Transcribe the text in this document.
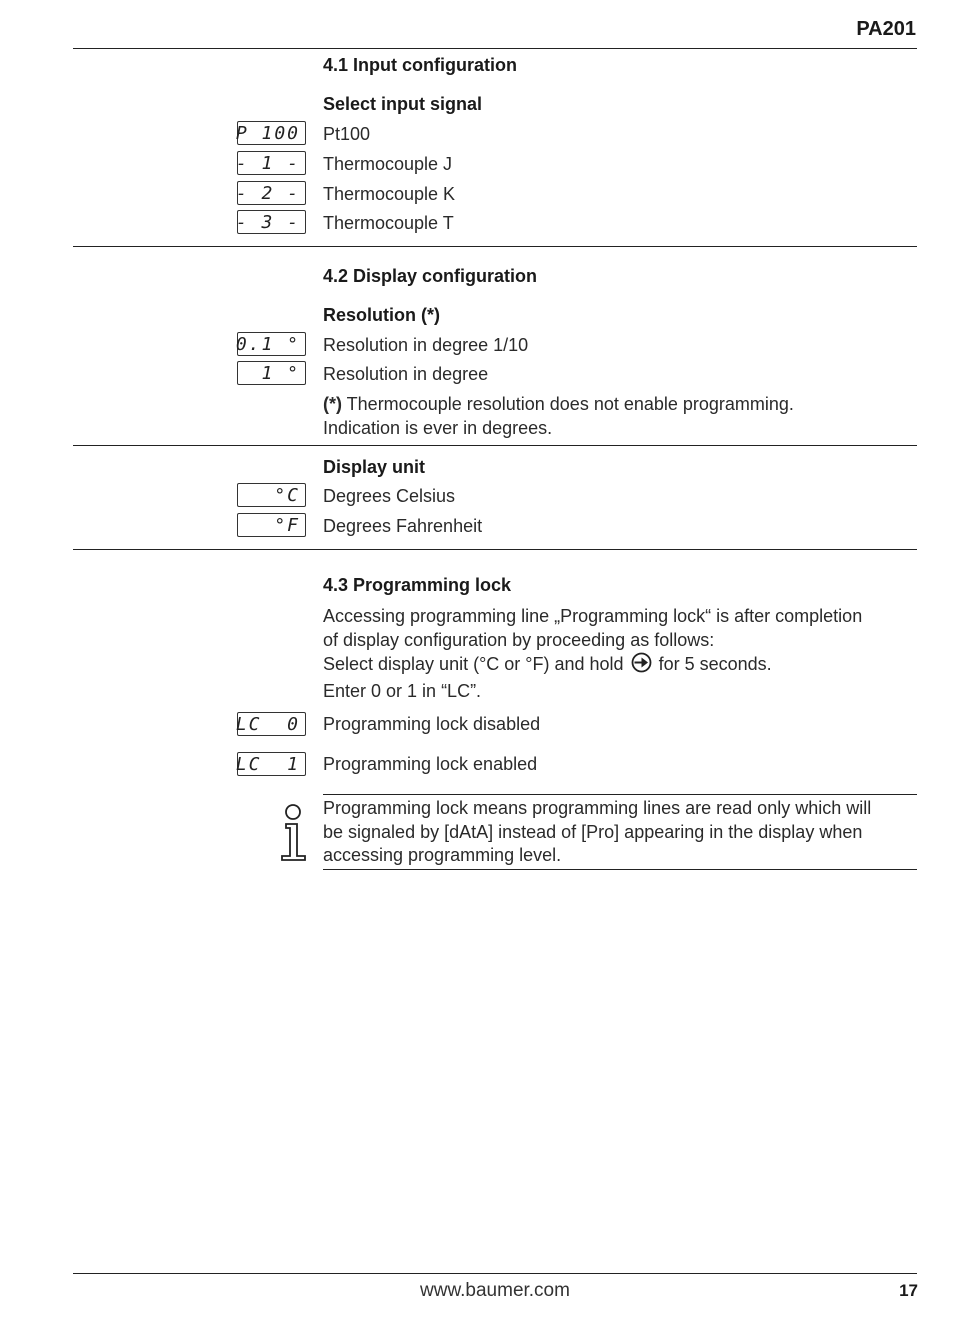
PA201
4.1 Input configuration
Select input signal
P 100	Pt100
- 1 -	Thermocouple J
- 2 -	Thermocouple K
- 3 -	Thermocouple T
4.2 Display configuration
Resolution (*)
0.1 °	Resolution in degree 1/10
1 °	Resolution in degree
(*) Thermocouple resolution does not enable programming.
Indication is ever in degrees.
Display unit
°C	Degrees Celsius
°F	Degrees Fahrenheit
4.3 Programming lock
Accessing programming line „Programming lock“ is after completion
of display configuration by proceeding as follows:
Select display unit (°C or °F) and hold for 5 seconds.
Enter 0 or 1 in “LC”.
LC  0	Programming lock disabled
LC  1	Programming lock enabled
Programming lock means programming lines are read only which will
be signaled by [dAtA] instead of [Pro] appearing in the display when
accessing programming level.
www.baumer.com	17
